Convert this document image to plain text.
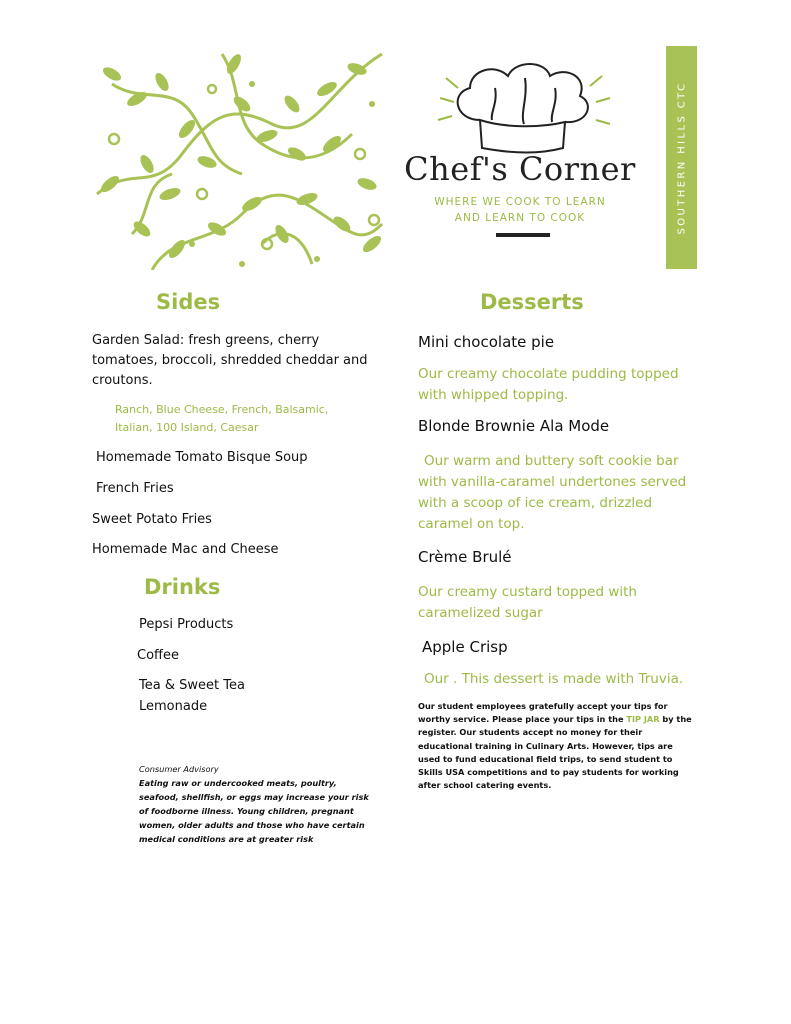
Chef's Corner
WHERE WE COOK TO LEARN
AND LEARN TO COOK	SOUTHERN HILLS CTC
Sides
Garden Salad: fresh greens, cherry tomatoes, broccoli, shredded cheddar and croutons.
Ranch, Blue Cheese, French, Balsamic,
Italian, 100 Island, Caesar
Homemade Tomato Bisque Soup
French Fries
Sweet Potato Fries
Homemade Mac and Cheese
Drinks
Pepsi Products
Coffee
Tea & Sweet Tea
Lemonade
Consumer Advisory
Eating raw or undercooked meats, poultry, seafood, shellfish, or eggs may increase your risk of foodborne illness. Young children, pregnant women, older adults and those who have certain medical conditions are at greater risk
Desserts
Mini chocolate pie
Our creamy chocolate pudding topped with whipped topping.
Blonde Brownie Ala Mode
Our warm and buttery soft cookie bar with vanilla-caramel undertones served with a scoop of ice cream, drizzled caramel on top.
Crème Brulé
Our creamy custard topped with caramelized sugar
Apple Crisp
Our . This dessert is made with Truvia.
Our student employees gratefully accept your tips for worthy service. Please place your tips in the TIP JAR by the register. Our students accept no money for their educational training in Culinary Arts. However, tips are used to fund educational field trips, to send student to Skills USA competitions and to pay students for working after school catering events.
